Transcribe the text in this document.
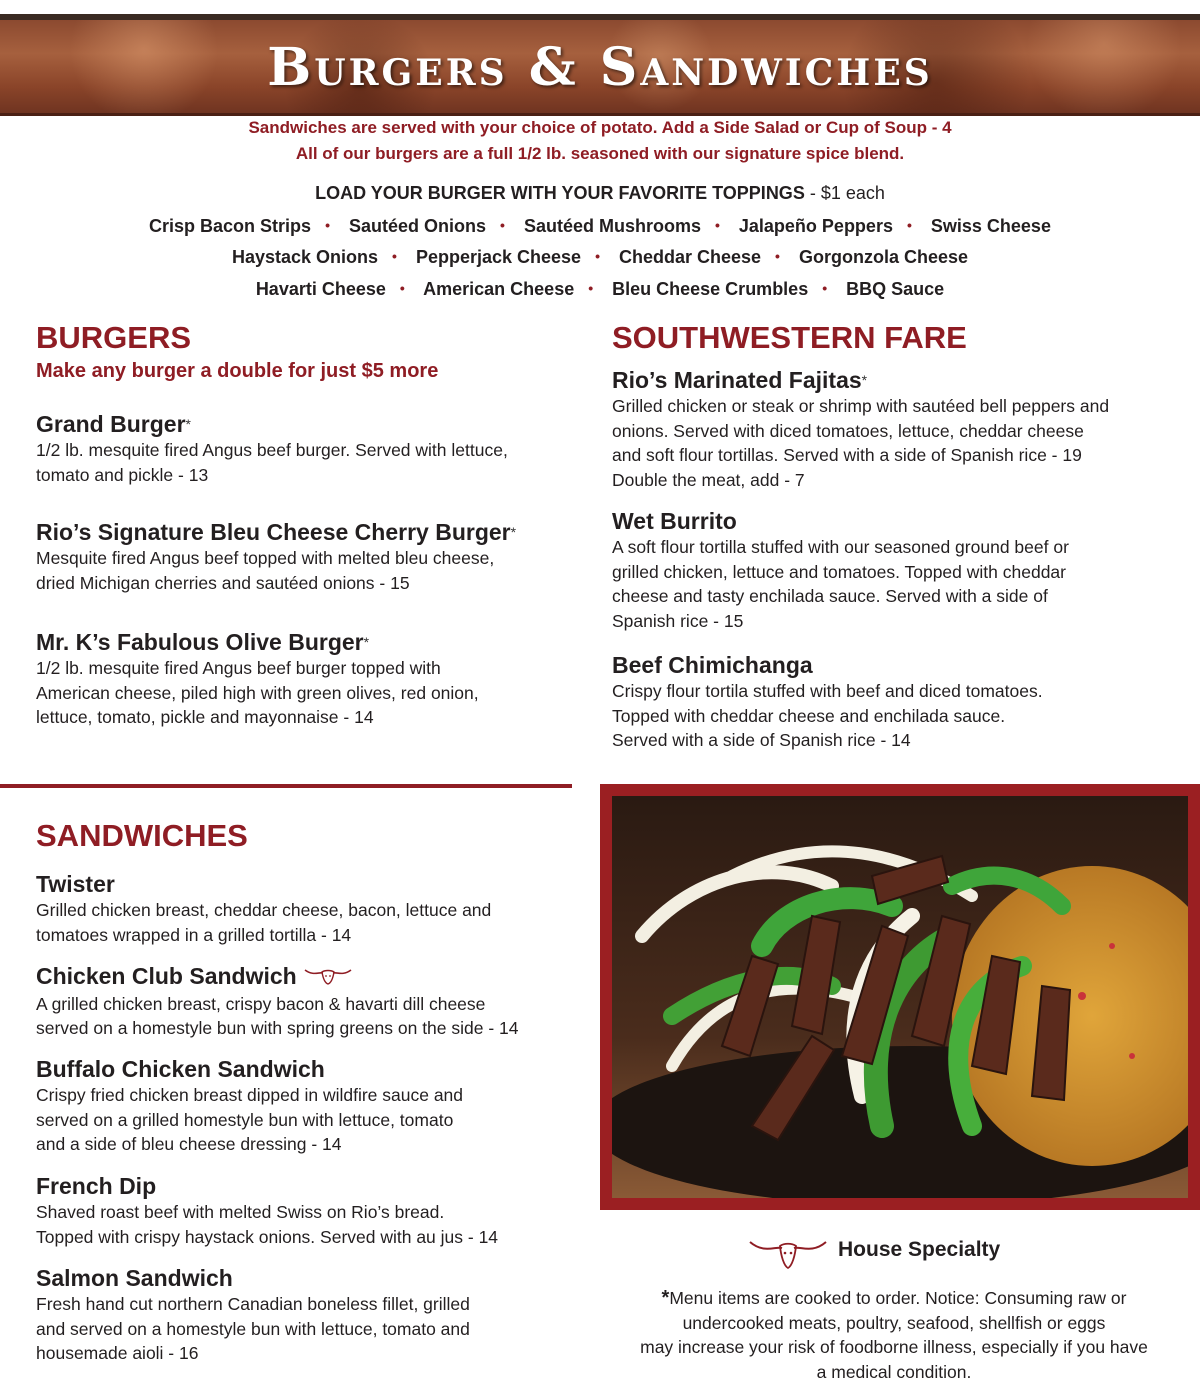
Burgers & Sandwiches
Sandwiches are served with your choice of potato. Add a Side Salad or Cup of Soup - 4
All of our burgers are a full 1/2 lb. seasoned with our signature spice blend.
LOAD YOUR BURGER WITH YOUR FAVORITE TOPPINGS - $1 each
Crisp Bacon Strips • Sautéed Onions • Sautéed Mushrooms • Jalapeño Peppers • Swiss Cheese
Haystack Onions • Pepperjack Cheese • Cheddar Cheese • Gorgonzola Cheese
Havarti Cheese • American Cheese • Bleu Cheese Crumbles • BBQ Sauce
BURGERS
Make any burger a double for just $5 more
Grand Burger*
1/2 lb. mesquite fired Angus beef burger. Served with lettuce,
tomato and pickle - 13
Rio’s Signature Bleu Cheese Cherry Burger*
Mesquite fired Angus beef topped with melted bleu cheese,
dried Michigan cherries and sautéed onions - 15
Mr. K’s Fabulous Olive Burger*
1/2 lb. mesquite fired Angus beef burger topped with
American cheese, piled high with green olives, red onion,
lettuce, tomato, pickle and mayonnaise - 14
SOUTHWESTERN FARE
Rio’s Marinated Fajitas*
Grilled chicken or steak or shrimp with sautéed bell peppers and
onions. Served with diced tomatoes, lettuce, cheddar cheese
and soft flour tortillas. Served with a side of Spanish rice - 19
Double the meat, add - 7
Wet Burrito
A soft flour tortilla stuffed with our seasoned ground beef or
grilled chicken, lettuce and tomatoes. Topped with cheddar
cheese and tasty enchilada sauce. Served with a side of
Spanish rice - 15
Beef Chimichanga
Crispy flour tortila stuffed with beef and diced tomatoes.
Topped with cheddar cheese and enchilada sauce.
Served with a side of Spanish rice - 14
SANDWICHES
Twister
Grilled chicken breast, cheddar cheese, bacon, lettuce and
tomatoes wrapped in a grilled tortilla - 14
Chicken Club Sandwich
A grilled chicken breast, crispy bacon & havarti dill cheese
served on a homestyle bun with spring greens on the side - 14
Buffalo Chicken Sandwich
Crispy fried chicken breast dipped in wildfire sauce and
served on a grilled homestyle bun with lettuce, tomato
and a side of bleu cheese dressing - 14
French Dip
Shaved roast beef with melted Swiss on Rio’s bread.
Topped with crispy haystack onions. Served with au jus - 14
Salmon Sandwich
Fresh hand cut northern Canadian boneless fillet, grilled
and served on a homestyle bun with lettuce, tomato and
housemade aioli - 16
House Specialty
*Menu items are cooked to order. Notice: Consuming raw or
undercooked meats, poultry, seafood, shellfish or eggs
may increase your risk of foodborne illness, especially if you have
a medical condition.
